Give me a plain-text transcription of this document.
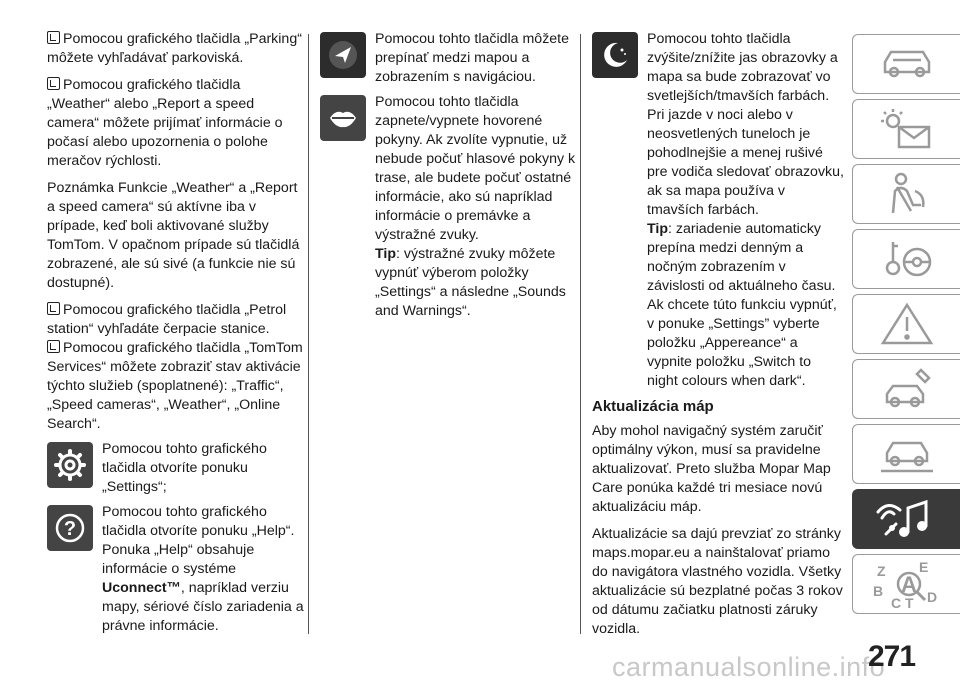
Pomocou grafického tlačidla „Parking“ môžete vyhľadávať parkoviská.

Pomocou grafického tlačidla „Weather“ alebo „Report a speed camera“ môžete prijímať informácie o počasí alebo upozornenia o polohe meračov rýchlosti.

Poznámka Funkcie „Weather“ a „Report a speed camera“ sú aktívne iba v prípade, keď boli aktivované služby TomTom. V opačnom prípade sú tlačidlá zobrazené, ale sú sivé (a funkcie nie sú dostupné).

Pomocou grafického tlačidla „Petrol station“ vyhľadáte čerpacie stanice.

Pomocou grafického tlačidla „TomTom Services“ môžete zobraziť stav aktivácie týchto služieb (spoplatnené): „Traffic“, „Speed cameras“, „Weather“, „Online Search“.

Pomocou tohto grafického tlačidla otvoríte ponuku „Settings“;

?

Pomocou tohto grafického tlačidla otvoríte ponuku „Help“. Ponuka „Help“ obsahuje informácie o systéme Uconnect™, napríklad verziu mapy, sériové číslo zariadenia a právne informácie.

Pomocou tohto tlačidla môžete prepínať medzi mapou a zobrazením s navigáciou.

Pomocou tohto tlačidla zapnete/vypnete hovorené pokyny. Ak zvolíte vypnutie, už nebude počuť hlasové pokyny k trase, ale budete počuť ostatné informácie, ako sú napríklad informácie o premávke a výstražné zvuky.

Tip: výstražné zvuky môžete vypnúť výberom položky „Settings“ a následne „Sounds and Warnings“.

Pomocou tohto tlačidla zvýšite/znížite jas obrazovky a mapa sa bude zobrazovať vo svetlejších/tmavších farbách. Pri jazde v noci alebo v neosvetlených tuneloch je pohodlnejšie a menej rušivé pre vodiča sledovať obrazovku, ak sa mapa používa v tmavších farbách.

Tip: zariadenie automaticky prepína medzi denným a nočným zobrazením v závislosti od aktuálneho času. Ak chcete túto funkciu vypnúť, v ponuke „Settings” vyberte položku „Appereance“ a vypnite položku „Switch to night colours when dark“.

Aktualizácia máp

Aby mohol navigačný systém zaručiť optimálny výkon, musí sa pravidelne aktualizovať. Preto služba Mopar Map Care ponúka každé tri mesiace novú aktualizáciu máp.

Aktualizácie sa dajú prevziať zo stránky maps.mopar.eu a nainštalovať priamo do navigátora vlastného vozidla. Všetky aktualizácie sú bezplatné počas 3 rokov od dátumu začiatku platnosti záruky vozidla.

Z E
B
C T D
A
carmanualsonline.info
271
